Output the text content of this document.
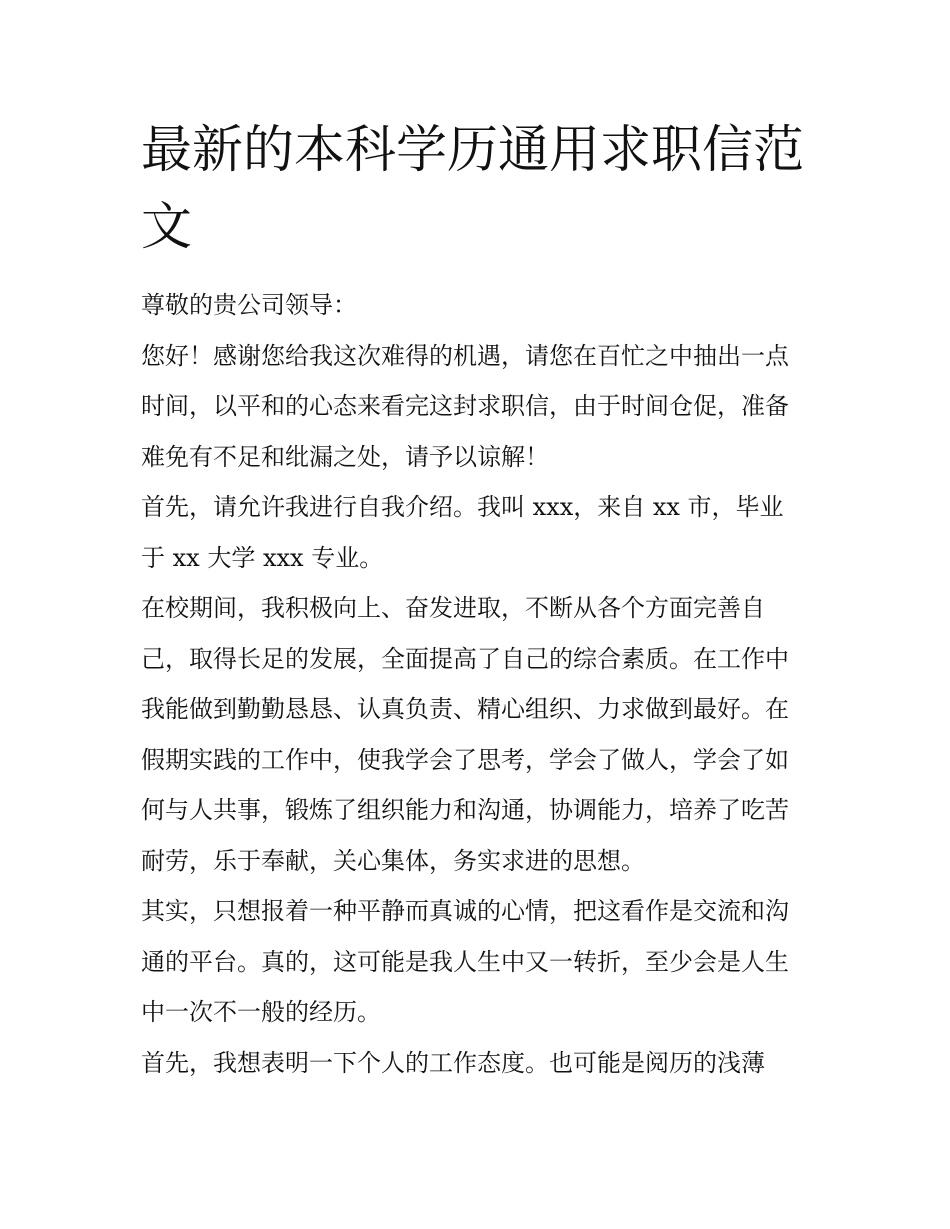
最新的本科学历通用求职信范
文

尊敬的贵公司领导：

您好！感谢您给我这次难得的机遇，请您在百忙之中抽出一点
时间，以平和的心态来看完这封求职信，由于时间仓促，准备
难免有不足和纰漏之处，请予以谅解！

首先，请允许我进行自我介绍。我叫 xxx，来自 xx 市，毕业
于 xx 大学 xxx 专业。

在校期间，我积极向上、奋发进取，不断从各个方面完善自
己，取得长足的发展，全面提高了自己的综合素质。在工作中
我能做到勤勤恳恳、认真负责、精心组织、力求做到最好。在
假期实践的工作中，使我学会了思考，学会了做人，学会了如
何与人共事，锻炼了组织能力和沟通，协调能力，培养了吃苦
耐劳，乐于奉献，关心集体，务实求进的思想。

其实，只想报着一种平静而真诚的心情，把这看作是交流和沟
通的平台。真的，这可能是我人生中又一转折，至少会是人生
中一次不一般的经历。

首先，我想表明一下个人的工作态度。也可能是阅历的浅薄
